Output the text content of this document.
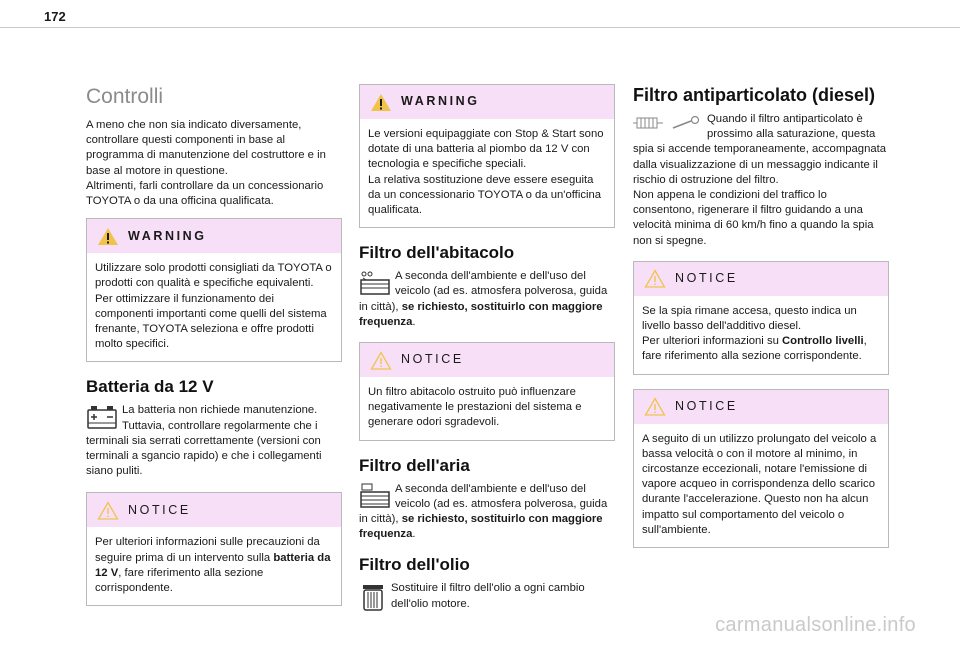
172
Controlli

A meno che non sia indicato diversamente, controllare questi componenti in base al programma di manutenzione del costruttore e in base al motore in questione.

Altrimenti, farli controllare da un concessionario TOYOTA o da una officina qualificata.

WARNING

Utilizzare solo prodotti consigliati da TOYOTA o prodotti con qualità e specifiche equivalenti. Per ottimizzare il funzionamento dei componenti importanti come quelli del sistema frenante, TOYOTA seleziona e offre prodotti molto specifici.

Batteria da 12 V
La batteria non richiede manutenzione. Tuttavia, controllare regolarmente che i terminali sia serrati correttamente (versioni con terminali a sgancio rapido) e che i collegamenti siano puliti.
NOTICE

Per ulteriori informazioni sulle precauzioni da seguire prima di un intervento sulla batteria da 12 V, fare riferimento alla sezione corrispondente.

WARNING

Le versioni equipaggiate con Stop & Start sono dotate di una batteria al piombo da 12 V con tecnologia e specifiche speciali.

La relativa sostituzione deve essere eseguita da un concessionario TOYOTA o da un'officina qualificata.

Filtro dell'abitacolo
A seconda dell'ambiente e dell'uso del veicolo (ad es. atmosfera polverosa, guida in città), se richiesto, sostituirlo con maggiore frequenza.
NOTICE

Un filtro abitacolo ostruito può influenzare negativamente le prestazioni del sistema e generare odori sgradevoli.

Filtro dell'aria
A seconda dell'ambiente e dell'uso del veicolo (ad es. atmosfera polverosa, guida in città), se richiesto, sostituirlo con maggiore frequenza.
Filtro dell'olio
Sostituire il filtro dell'olio a ogni cambio dell'olio motore.
Filtro antiparticolato (diesel)
Quando il filtro antiparticolato è prossimo alla saturazione, questa spia si accende temporaneamente, accompagnata dalla visualizzazione di un messaggio indicante il rischio di ostruzione del filtro.

Non appena le condizioni del traffico lo consentono, rigenerare il filtro guidando a una velocità minima di 60 km/h fino a quando la spia non si spegne.

NOTICE

Se la spia rimane accesa, questo indica un livello basso dell'additivo diesel.

Per ulteriori informazioni su Controllo livelli, fare riferimento alla sezione corrispondente.

NOTICE

A seguito di un utilizzo prolungato del veicolo a bassa velocità o con il motore al minimo, in circostanze eccezionali, notare l'emissione di vapore acqueo in corrispondenza dello scarico durante l'accelerazione. Questo non ha alcun impatto sul comportamento del veicolo o sull'ambiente.

carmanualsonline.info
